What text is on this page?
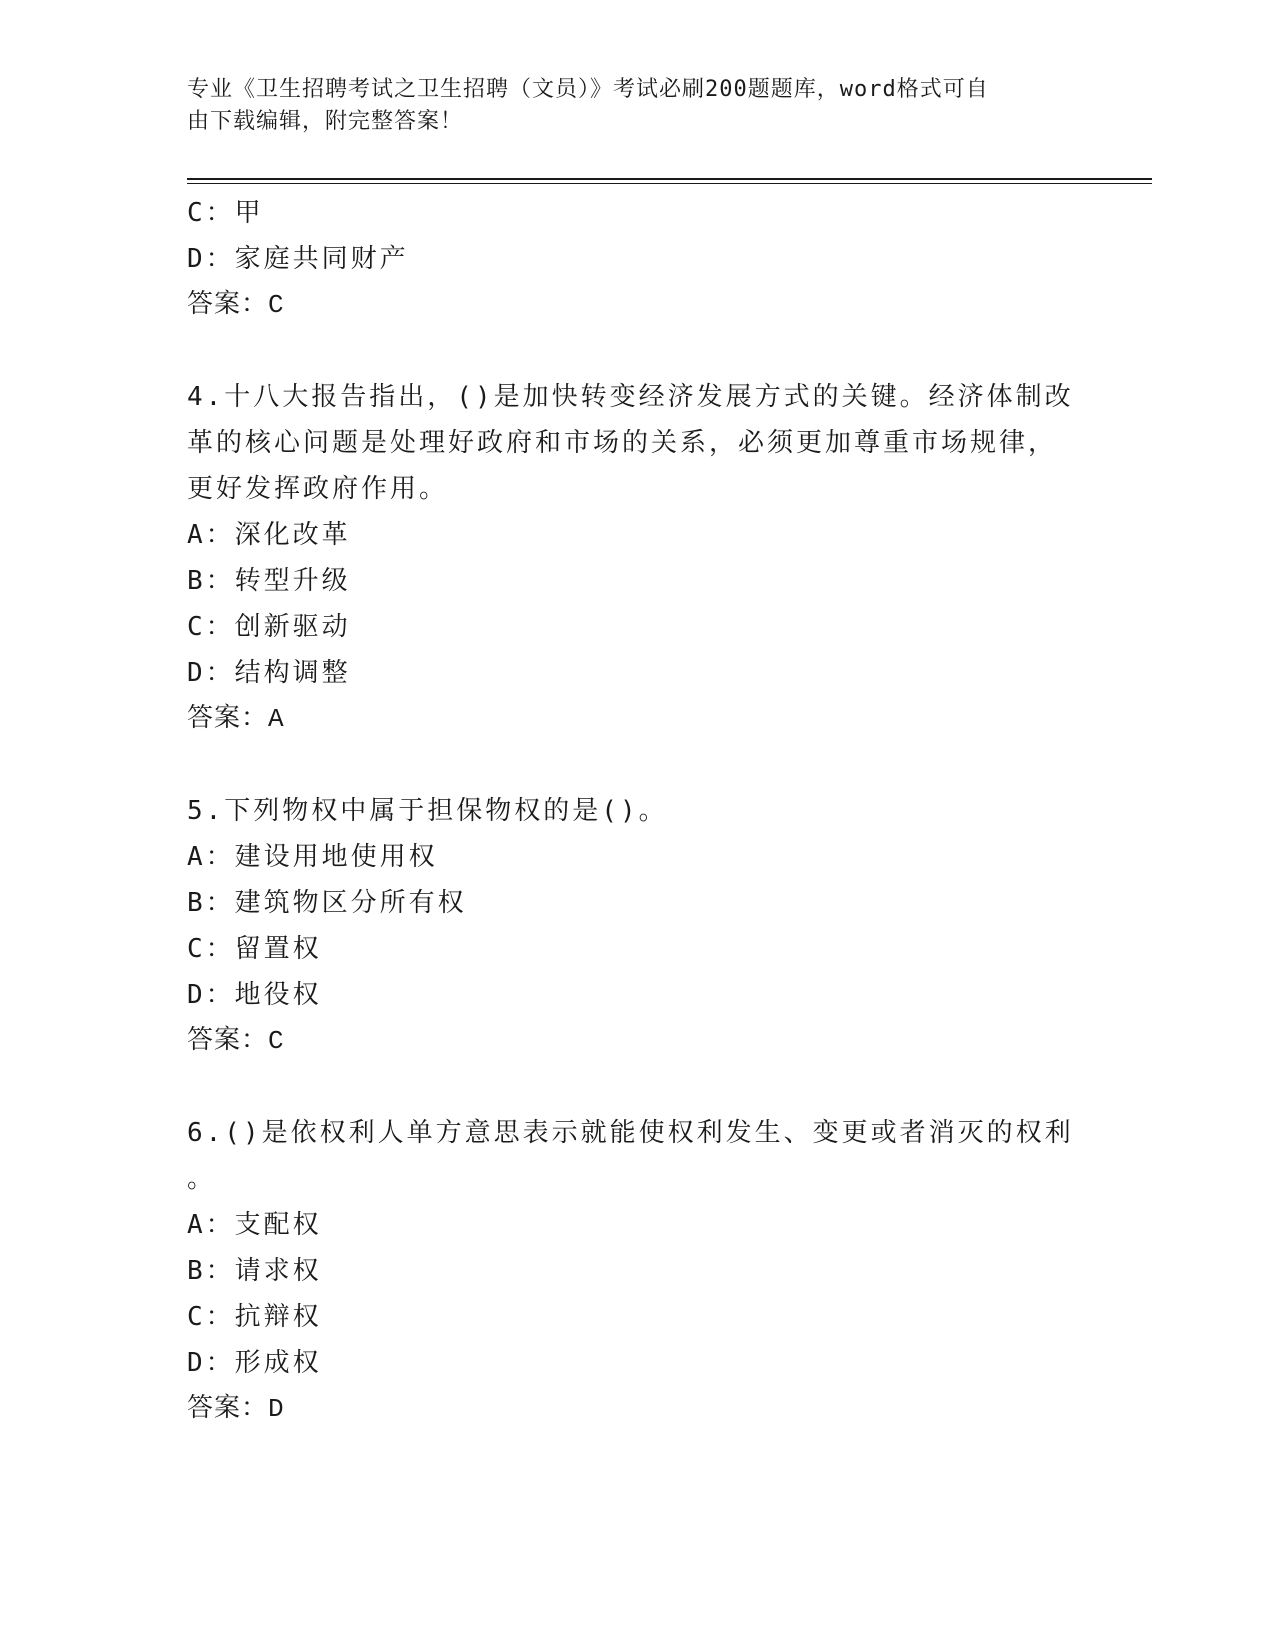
专业《卫生招聘考试之卫生招聘（文员）》考试必刷200题题库，word格式可自
由下载编辑，附完整答案！
C：甲
D：家庭共同财产
答案：C
4.十八大报告指出，()是加快转变经济发展方式的关键。经济体制改
革的核心问题是处理好政府和市场的关系，必须更加尊重市场规律，
更好发挥政府作用。
A：深化改革
B：转型升级
C：创新驱动
D：结构调整
答案：A
5.下列物权中属于担保物权的是()。
A：建设用地使用权
B：建筑物区分所有权
C：留置权
D：地役权
答案：C
6.()是依权利人单方意思表示就能使权利发生、变更或者消灭的权利
。
A：支配权
B：请求权
C：抗辩权
D：形成权
答案：D
